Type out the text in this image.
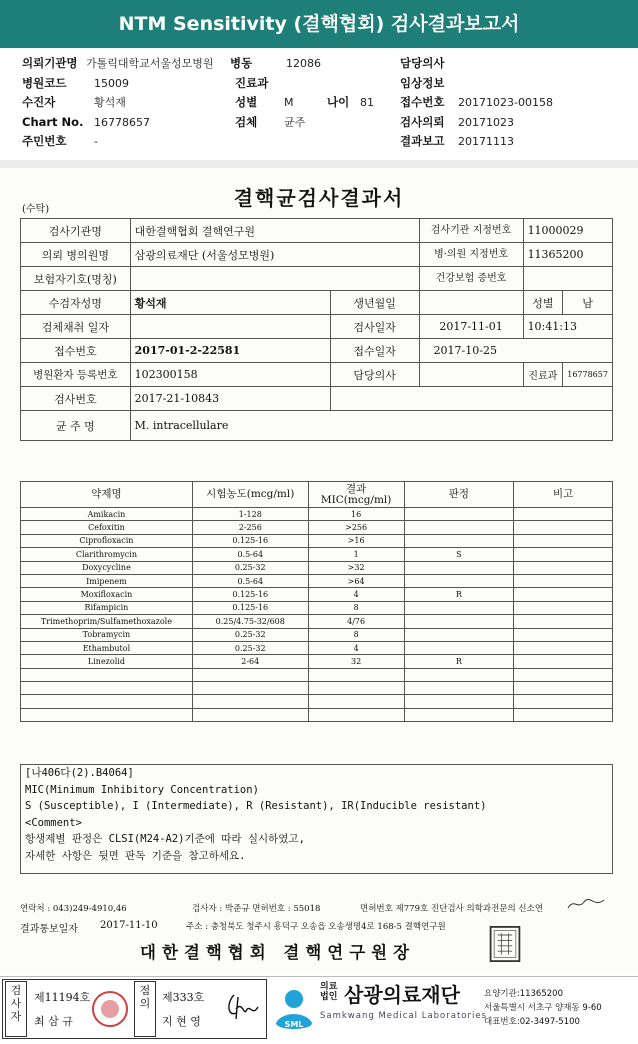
NTM Sensitivity (결핵협회) 검사결과보고서
의뢰기관명 가톨릭대학교서울성모병원 병동	12086	담당의사
병원코드	15009	진료과	임상정보
수진자	황석재	성별 M	나이 81 접수번호 20171023-00158
Chart No. 16778657	검체 균주	검사의뢰 20171023
주민번호	-	결과보고 20171113
(수탁)	결핵균검사결과서
검사기관명	대한결핵협회 결핵연구원		검사기관 지정번호	11000029	
의뢰 병의원명	삼광의료재단 (서울성모병원)		병·의원 지정번호	11365200	
보험자기호(명칭)			건강보험 증번호		
수검자성명	황석재	생년월일		성별	남
검체채취 일자		검사일자	2017-11-01	10:41:13	
접수번호	2017-01-2-22581	접수일자	2017-10-25		
병원환자 등록번호	102300158	담당의사		진료과	16778657
검사번호	2017-21-10843				
균 주 명	M. intracellulare				
약제명	시험농도(mcg/ml)	결과 MIC(mcg/ml)	판정	비고
Amikacin	1-128	16		
Cefoxitin	2-256	>256		
Ciprofloxacin	0.125-16	>16		
Clarithromycin	0.5-64	1	S	
Doxycycline	0.25-32	>32		
Imipenem	0.5-64	>64		
Moxifloxacin	0.125-16	4	R	
Rifampicin	0.125-16	8		
Trimethoprim/Sulfamethoxazole	0.25/4.75-32/608	4/76		
Tobramycin	0.25-32	8		
Ethambutol	0.25-32	4		
Linezolid	2-64	32	R	

[나406다(2).B4064]
MIC(Minimum Inhibitory Concentration)
S (Susceptible), I (Intermediate), R (Resistant), IR(Inducible resistant)
<Comment>
항생제별 판정은 CLSI(M24-A2)기준에 따라 실시하였고,
자세한 사항은 뒷면 판독 기준을 참고하세요.
연락처 : 043)249-4910,46	검사자 : 박준규 면허번호 : 55018	면허번호 제779호 진단검사 의학과전문의 신소연
결과통보일자 2017-11-10	주소 : 충청북도 청주시 흥덕구 오송읍 오송생명4로 168-5 결핵연구원
대한결핵협회 결핵연구원장
검사자
제11194호
최 삼 규
점의	제333호
지 현 영	SML
의료법인 삼광의료재단
Samkwang Medical Laboratories
요양기관:11365200
서울특별시 서초구 양재동 9-60
대표번호:02-3497-5100
